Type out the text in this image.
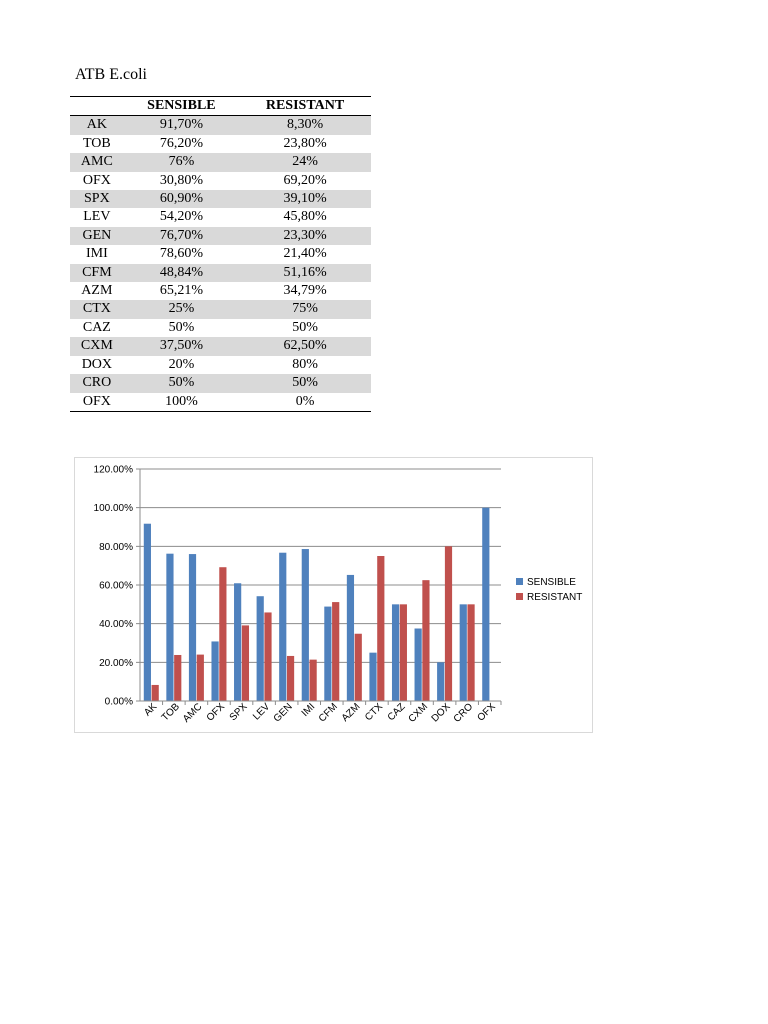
ATB E.coli
	SENSIBLE	RESISTANT
AK	91,70%	8,30%
TOB	76,20%	23,80%
AMC	76%	24%
OFX	30,80%	69,20%
SPX	60,90%	39,10%
LEV	54,20%	45,80%
GEN	76,70%	23,30%
IMI	78,60%	21,40%
CFM	48,84%	51,16%
AZM	65,21%	34,79%
CTX	25%	75%
CAZ	50%	50%
CXM	37,50%	62,50%
DOX	20%	80%
CRO	50%	50%
OFX	100%	0%
0.00%
20.00%
40.00%
60.00%
80.00%
100.00%
120.00%
AK TOB AMC OFX SPX LEV GEN IMI CFM AZM CTX CAZ CXM DOX CRO OFX
SENSIBLE
RESISTANT
